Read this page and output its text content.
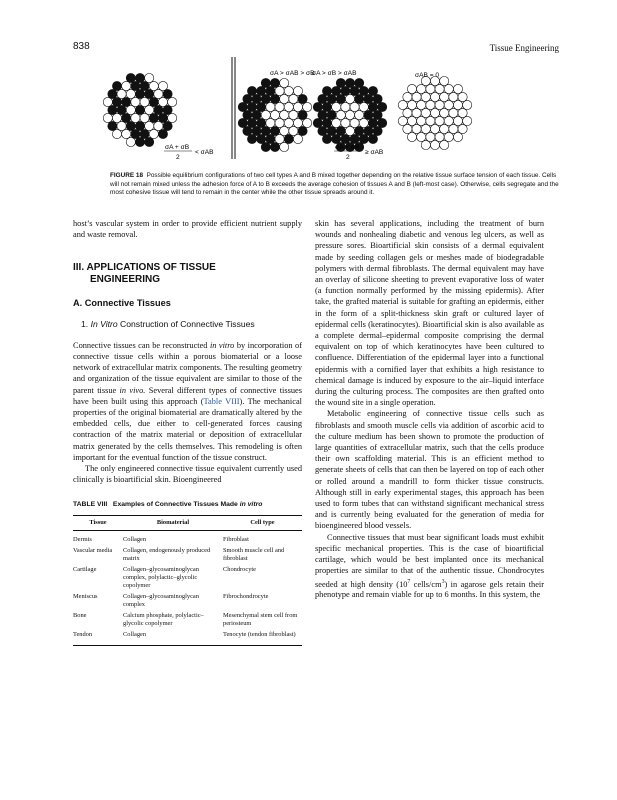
838	Tissue Engineering
σA > σAB > σB
σA > σB > σAB	σAB = 0
σA + σB
2
< σAB
σA + σB
2
≥ σAB
FIGURE 18 Possible equilibrium configurations of two cell types A and B mixed together depending on the relative tissue surface tension of each tissue. Cells will not remain mixed unless the adhesion force of A to B exceeds the average cohesion of tissues A and B (left-most case). Otherwise, cells segregate and the most cohesive tissue will tend to remain in the center while the other tissue spreads around it.

host’s vascular system in order to provide efficient nutrient supply and waste removal.

III. APPLICATIONS OF TISSUE
ENGINEERING
A. Connective Tissues
1. In Vitro Construction of Connective Tissues

Connective tissues can be reconstructed in vitro by incorporation of connective tissue cells within a porous biomaterial or a loose network of extracellular matrix components. The resulting geometry and organization of the tissue equivalent are similar to those of the parent tissue in vivo. Several different types of connective tissues have been built using this approach (Table VIII). The mechanical properties of the original biomaterial are dramatically altered by the embedded cells, due either to cell-generated forces causing contraction of the matrix material or deposition of extracellular matrix generated by the cells themselves. This remodeling is often important for the eventual function of the tissue construct.

The only engineered connective tissue equivalent currently used clinically is bioartificial skin. Bioengineered

TABLE VIII Examples of Connective Tissues Made in vitro
Tissue	Biomaterial	Cell type
Dermis	Collagen	Fibroblast
Vascular media	Collagen, endogenously produced matrix	Smooth muscle cell and fibroblast
Cartilage	Collagen–glycosaminoglycan complex, polylactic–glycolic copolymer	Chondrocyte
Meniscus	Collagen–glycosaminoglycan complex	Fibrochondrocyte
Bone	Calcium phosphate, polylactic–glycolic copolymer	Mesenchymal stem cell from periosteum
Tendon	Collagen	Tenocyte (tendon fibroblast)

skin has several applications, including the treatment of burn wounds and nonhealing diabetic and venous leg ulcers, as well as pressure sores. Bioartificial skin consists of a dermal equivalent made by seeding collagen gels or meshes made of biodegradable polymers with dermal fibroblasts. The dermal equivalent may have an overlay of silicone sheeting to prevent evaporative loss of water (a function normally performed by the missing epidermis). After take, the grafted material is suitable for grafting an epidermis, either in the form of a split-thickness skin graft or cultured layer of epidermal cells (keratinocytes). Bioartificial skin is also available as a complete dermal–epidermal composite comprising the dermal equivalent on top of which keratinocytes have been cultured to confluence. Differentiation of the epidermal layer into a functional epidermis with a cornified layer that exhibits a high resistance to chemical damage is induced by exposure to the air–liquid interface during the culturing process. The composites are then grafted onto the wound site in a single operation.

Metabolic engineering of connective tissue cells such as fibroblasts and smooth muscle cells via addition of ascorbic acid to the culture medium has been shown to promote the production of large quantities of extracellular matrix, such that the cells produce their own scaffolding material. This is an efficient method to generate sheets of cells that can then be layered on top of each other or rolled around a mandrill to form thicker tissue constructs. Although still in early experimental stages, this approach has been used to form tubes that can withstand significant mechanical stress and is currently being evaluated for the generation of media for bioengineered blood vessels.

Connective tissues that must bear significant loads must exhibit specific mechanical properties. This is the case of bioartificial cartilage, which would be best implanted once its mechanical properties are similar to that of the authentic tissue. Chondrocytes seeded at high density ($10^7$ cells/$cm^3$) in agarose gels retain their phenotype and remain viable for up to 6 months. In this system, the
